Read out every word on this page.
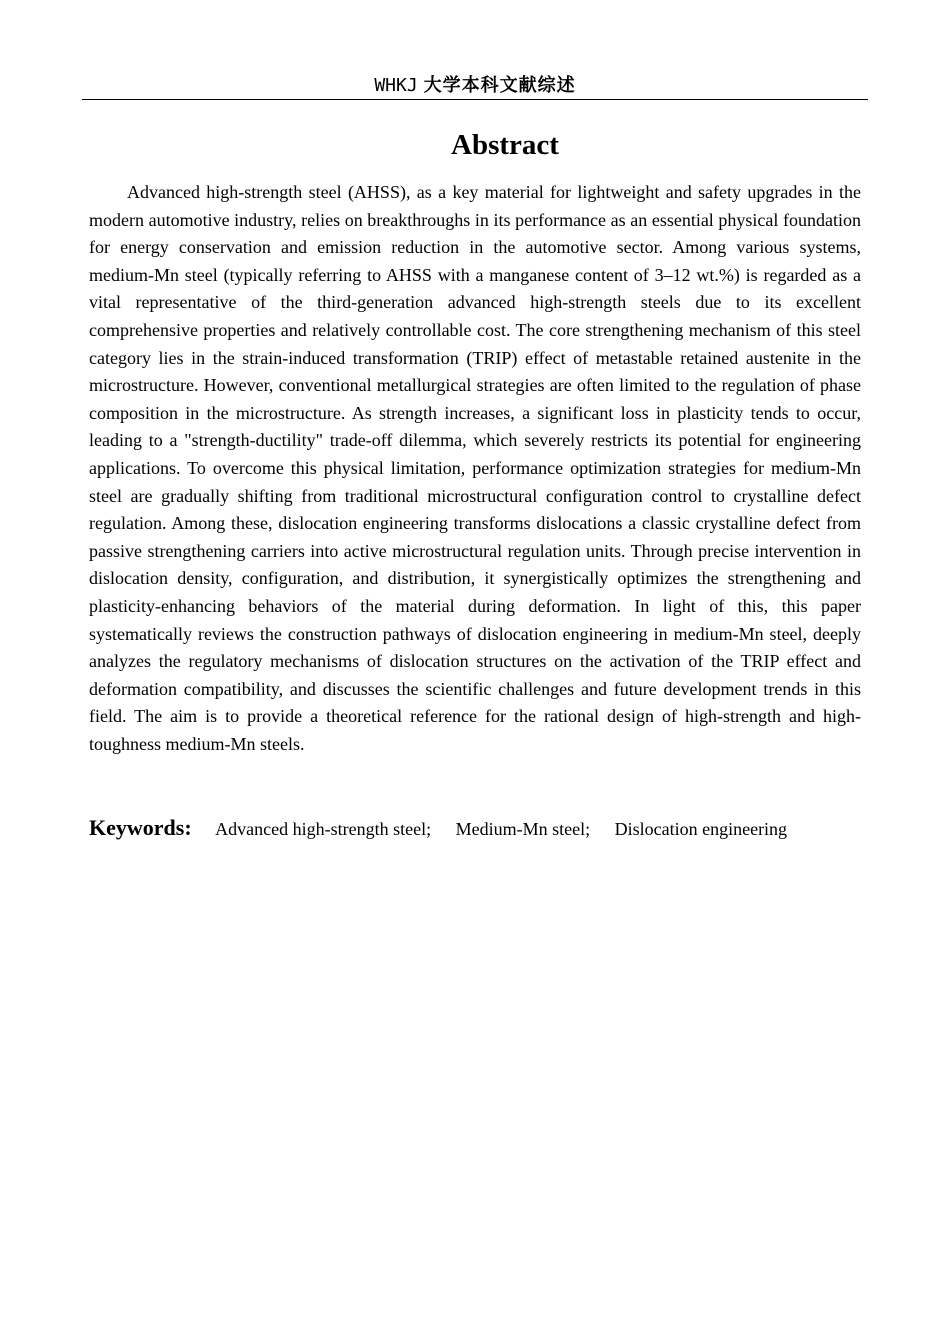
WHKJ 大学本科文献综述
Abstract

Advanced high-strength steel (AHSS), as a key material for lightweight and safety upgrades in the modern automotive industry, relies on breakthroughs in its performance as an essential physical foundation for energy conservation and emission reduction in the automotive sector. Among various systems, medium-Mn steel (typically referring to AHSS with a manganese content of 3–12 wt.%) is regarded as a vital representative of the third-generation advanced high-strength steels due to its excellent comprehensive properties and relatively controllable cost. The core strengthening mechanism of this steel category lies in the strain-induced transformation (TRIP) effect of metastable retained austenite in the microstructure. However, conventional metallurgical strategies are often limited to the regulation of phase composition in the microstructure. As strength increases, a significant loss in plasticity tends to occur, leading to a "strength-ductility" trade-off dilemma, which severely restricts its potential for engineering applications. To overcome this physical limitation, performance optimization strategies for medium-Mn steel are gradually shifting from traditional microstructural configuration control to crystalline defect regulation. Among these, dislocation engineering transforms dislocations a classic crystalline defect from passive strengthening carriers into active microstructural regulation units. Through precise intervention in dislocation density, configuration, and distribution, it synergistically optimizes the strengthening and plasticity-enhancing behaviors of the material during deformation. In light of this, this paper systematically reviews the construction pathways of dislocation engineering in medium-Mn steel, deeply analyzes the regulatory mechanisms of dislocation structures on the activation of the TRIP effect and deformation compatibility, and discusses the scientific challenges and future development trends in this field. The aim is to provide a theoretical reference for the rational design of high-strength and high-toughness medium-Mn steels.

Keywords: Advanced high-strength steel; Medium-Mn steel; Dislocation engineering
